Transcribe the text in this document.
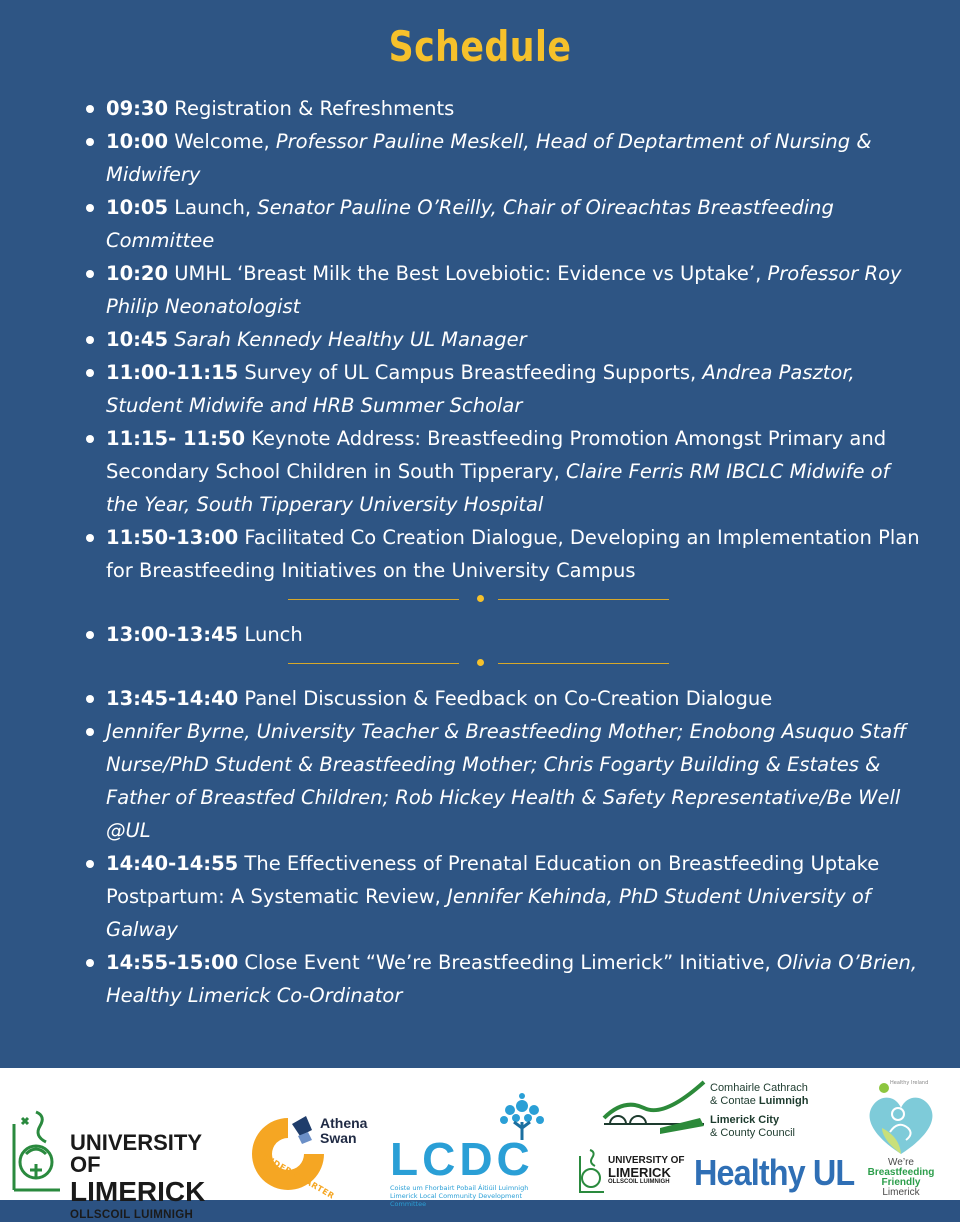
Schedule
09:30 Registration & Refreshments
10:00 Welcome, Professor Pauline Meskell, Head of Deptartment of Nursing & Midwifery
10:05 Launch, Senator Pauline O’Reilly, Chair of Oireachtas Breastfeeding Committee
10:20 UMHL ‘Breast Milk the Best Lovebiotic: Evidence vs Uptake’, Professor Roy Philip Neonatologist
10:45 Sarah Kennedy Healthy UL Manager
11:00-11:15 Survey of UL Campus Breastfeeding Supports, Andrea Pasztor, Student Midwife and HRB Summer Scholar
11:15- 11:50 Keynote Address: Breastfeeding Promotion Amongst Primary and Secondary School Children in South Tipperary, Claire Ferris RM IBCLC Midwife of the Year, South Tipperary University Hospital
11:50-13:00 Facilitated Co Creation Dialogue, Developing an Implementation Plan for Breastfeeding Initiatives on the University Campus
13:00-13:45 Lunch
13:45-14:40 Panel Discussion & Feedback on Co-Creation Dialogue
Jennifer Byrne, University Teacher & Breastfeeding Mother; Enobong Asuquo Staff Nurse/PhD Student & Breastfeeding Mother; Chris Fogarty Building & Estates & Father of Breastfed Children; Rob Hickey Health & Safety Representative/Be Well @UL
14:40-14:55 The Effectiveness of Prenatal Education on Breastfeeding Uptake Postpartum: A Systematic Review, Jennifer Kehinda, PhD Student University of Galway
14:55-15:00 Close Event “We’re Breastfeeding Limerick” Initiative, Olivia O’Brien, Healthy Limerick Co-Ordinator
UNIVERSITY OF
LIMERICK
OLLSCOIL LUIMNIGH
Athena
Swan
GENDER CHARTER LCDC
Coiste um Fhorbairt Pobail Áitiúil Luimnigh
Limerick Local Community Development
Committee
Comhairle Cathrach
& Contae Luimnigh
Limerick City
& County Council
UNIVERSITY OF
LIMERICK
OLLSCOIL LUIMNIGH Healthy UL
Healthy Ireland
We’re
Breastfeeding
Friendly
Limerick
